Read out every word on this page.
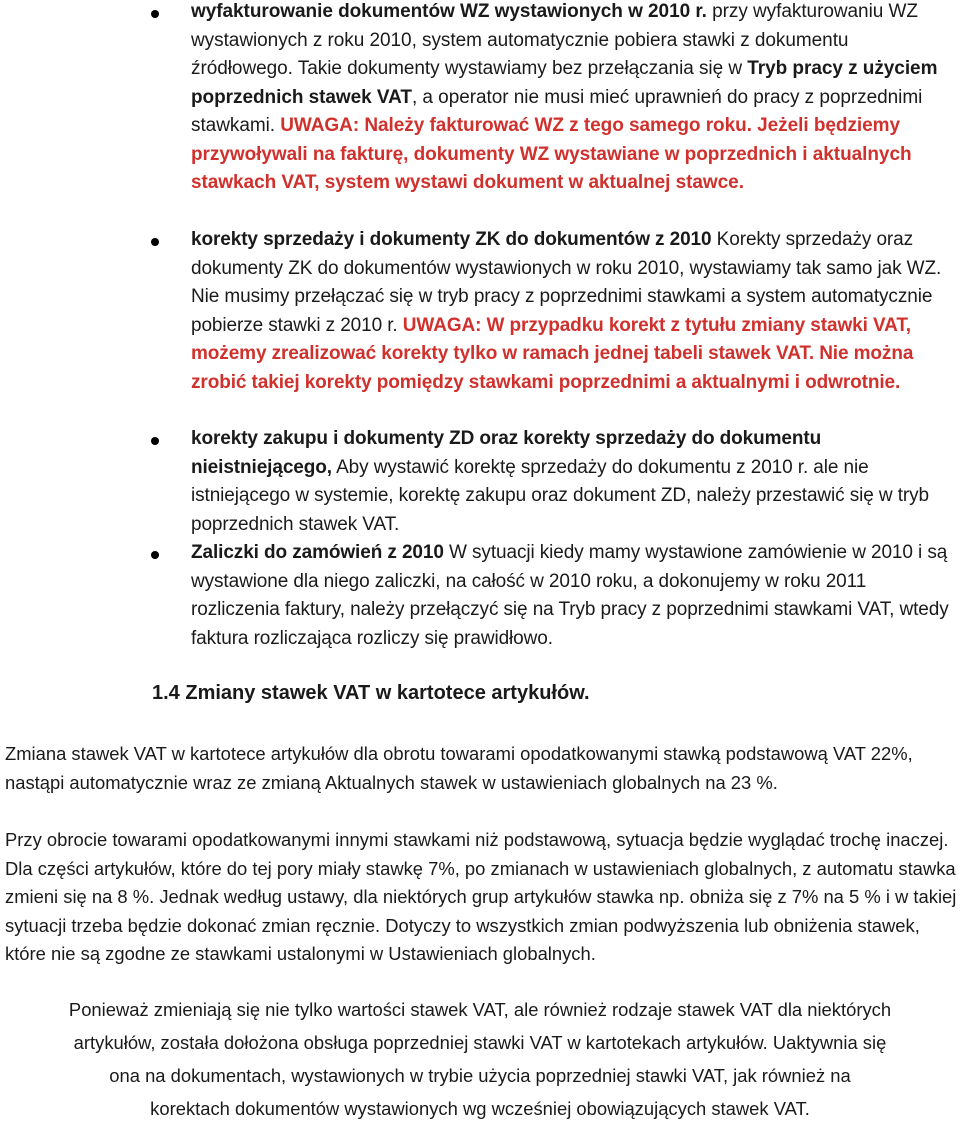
wyfakturowanie dokumentów WZ wystawionych w 2010 r. przy wyfakturowaniu WZ wystawionych z roku 2010, system automatycznie pobiera stawki z dokumentu źródłowego. Takie dokumenty wystawiamy bez przełączania się w Tryb pracy z użyciem poprzednich stawek VAT, a operator nie musi mieć uprawnień do pracy z poprzednimi stawkami. UWAGA: Należy fakturować WZ z tego samego roku. Jeżeli będziemy przywoływali na fakturę, dokumenty WZ wystawiane w poprzednich i aktualnych stawkach VAT, system wystawi dokument w aktualnej stawce.
korekty sprzedaży i dokumenty ZK do dokumentów z 2010 Korekty sprzedaży oraz dokumenty ZK do dokumentów wystawionych w roku 2010, wystawiamy tak samo jak WZ. Nie musimy przełączać się w tryb pracy z poprzednimi stawkami a system automatycznie pobierze stawki z 2010 r. UWAGA: W przypadku korekt z tytułu zmiany stawki VAT, możemy zrealizować korekty tylko w ramach jednej tabeli stawek VAT. Nie można zrobić takiej korekty pomiędzy stawkami poprzednimi a aktualnymi i odwrotnie.
korekty zakupu i dokumenty ZD oraz korekty sprzedaży do dokumentu nieistniejącego, Aby wystawić korektę sprzedaży do dokumentu z 2010 r. ale nie istniejącego w systemie, korektę zakupu oraz dokument ZD, należy przestawić się w tryb poprzednich stawek VAT.
Zaliczki do zamówień z 2010 W sytuacji kiedy mamy wystawione zamówienie w 2010 i są wystawione dla niego zaliczki, na całość w 2010 roku, a dokonujemy w roku 2011 rozliczenia faktury, należy przełączyć się na Tryb pracy z poprzednimi stawkami VAT, wtedy faktura rozliczająca rozliczy się prawidłowo.
1.4 Zmiany stawek VAT w kartotece artykułów.

Zmiana stawek VAT w kartotece artykułów dla obrotu towarami opodatkowanymi stawką podstawową VAT 22%, nastąpi automatycznie wraz ze zmianą Aktualnych stawek w ustawieniach globalnych na 23 %.

Przy obrocie towarami opodatkowanymi innymi stawkami niż podstawową, sytuacja będzie wyglądać trochę inaczej. Dla części artykułów, które do tej pory miały stawkę 7%, po zmianach w ustawieniach globalnych, z automatu stawka zmieni się na 8 %. Jednak według ustawy, dla niektórych grup artykułów stawka np. obniża się z 7% na 5 % i w takiej sytuacji trzeba będzie dokonać zmian ręcznie. Dotyczy to wszystkich zmian podwyższenia lub obniżenia stawek, które nie są zgodne ze stawkami ustalonymi w Ustawieniach globalnych.

Ponieważ zmieniają się nie tylko wartości stawek VAT, ale również rodzaje stawek VAT dla niektórych
artykułów, została dołożona obsługa poprzedniej stawki VAT w kartotekach artykułów. Uaktywnia się
ona na dokumentach, wystawionych w trybie użycia poprzedniej stawki VAT, jak również na
korektach dokumentów wystawionych wg wcześniej obowiązujących stawek VAT.
